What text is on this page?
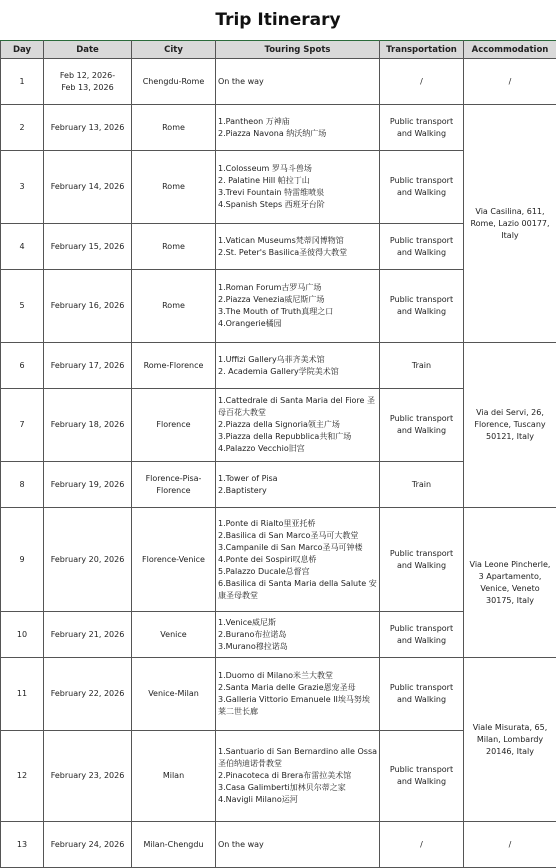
Trip Itinerary
Day	Date	City	Touring Spots	Transportation	Accommodation
1	Feb 12, 2026-
Feb 13, 2026	Chengdu-Rome	On the way	/	/
2	February 13, 2026	Rome	1.Pantheon 万神庙
2.Piazza Navona 纳沃纳广场	Public transport and Walking	Via Casilina, 611, Rome, Lazio 00177, Italy
3	February 14, 2026	Rome	1.Colosseum 罗马斗兽场
2. Palatine Hill 帕拉丁山
3.Trevi Fountain 特雷维喷泉
4.Spanish Steps 西班牙台阶	Public transport and Walking	
4	February 15, 2026	Rome	1.Vatican Museums梵蒂冈博物馆
2.St. Peter's Basilica圣彼得大教堂	Public transport and Walking	
5	February 16, 2026	Rome	1.Roman Forum古罗马广场
2.Piazza Venezia威尼斯广场
3.The Mouth of Truth真理之口
4.Orangerie橘园	Public transport and Walking	
6	February 17, 2026	Rome-Florence	1.Uffizi Gallery乌菲齐美术馆
2. Academia Gallery学院美术馆	Train	Via dei Servi, 26, Florence, Tuscany 50121, Italy
7	February 18, 2026	Florence	1.Cattedrale di Santa Maria del Fiore 圣母百花大教堂
2.Piazza della Signoria领主广场
3.Piazza della Repubblica共和广场
4.Palazzo Vecchio旧宫	Public transport and Walking	
8	February 19, 2026	Florence-Pisa-Florence	1.Tower of Pisa
2.Baptistery	Train	
9	February 20, 2026	Florence-Venice	1.Ponte di Rialto里亚托桥
2.Basilica di San Marco圣马可大教堂
3.Campanile di San Marco圣马可钟楼 4.Ponte dei Sospiri叹息桥
5.Palazzo Ducale总督宫
6.Basilica di Santa Maria della Salute 安康圣母教堂	Public transport and Walking	Via Leone Pincherle, 3 Apartamento, Venice, Veneto 30175, Italy
10	February 21, 2026	Venice	1.Venice威尼斯
2.Burano布拉诺岛
3.Murano穆拉诺岛	Public transport and Walking	
11	February 22, 2026	Venice-Milan	1.Duomo di Milano米兰大教堂
2.Santa Maria delle Grazie恩宠圣母
3.Galleria Vittorio Emanuele II埃马努埃莱二世长廊	Public transport and Walking	Viale Misurata, 65, Milan, Lombardy 20146, Italy
12	February 23, 2026	Milan	1.Santuario di San Bernardino alle Ossa
圣伯纳迪诺骨教堂
2.Pinacoteca di Brera布雷拉美术馆
3.Casa Galimberti加林贝尔蒂之家
4.Navigli Milano运河	Public transport and Walking	
13	February 24, 2026	Milan-Chengdu	On the way	/	/
